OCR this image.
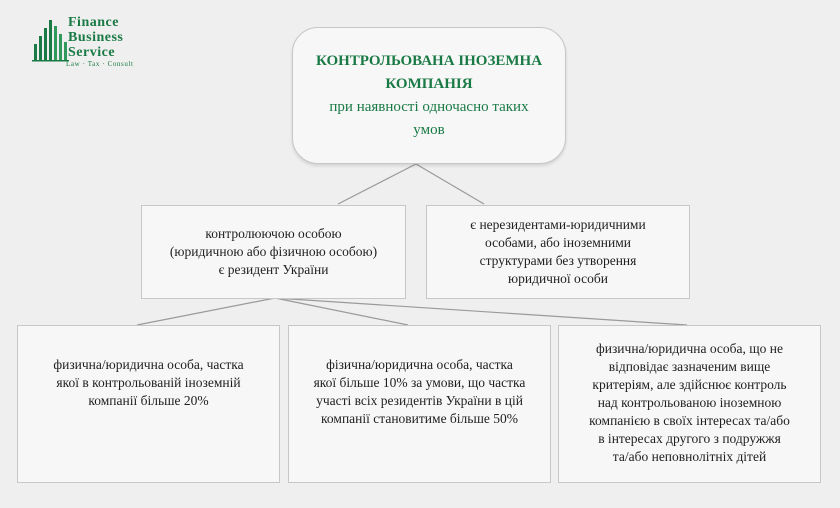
Finance
Business
Service
Law · Tax · Consult	КОНТРОЛЬОВАНА ІНОЗЕМНА
КОМПАНІЯ
при наявності одночасно таких
умов
контролюючою особою
(юридичною або фізичною особою)
є резидент України
є нерезидентами-юридичними
особами, або іноземними
структурами без утворення
юридичної особи
физична/юридична особа, частка
якої в контрольованій іноземній
компанії більше 20%
фізична/юридична особа, частка
якої більше 10% за умови, що частка
участі всіх резидентів України в цій
компанії становитиме більше 50%
физична/юридична особа, що не
відповідає зазначеним вище
критеріям, але здійснює контроль
над контрольованою іноземною
компанією в своїх інтересах та/або
в інтересах другого з подружжя
та/або неповнолітніх дітей
